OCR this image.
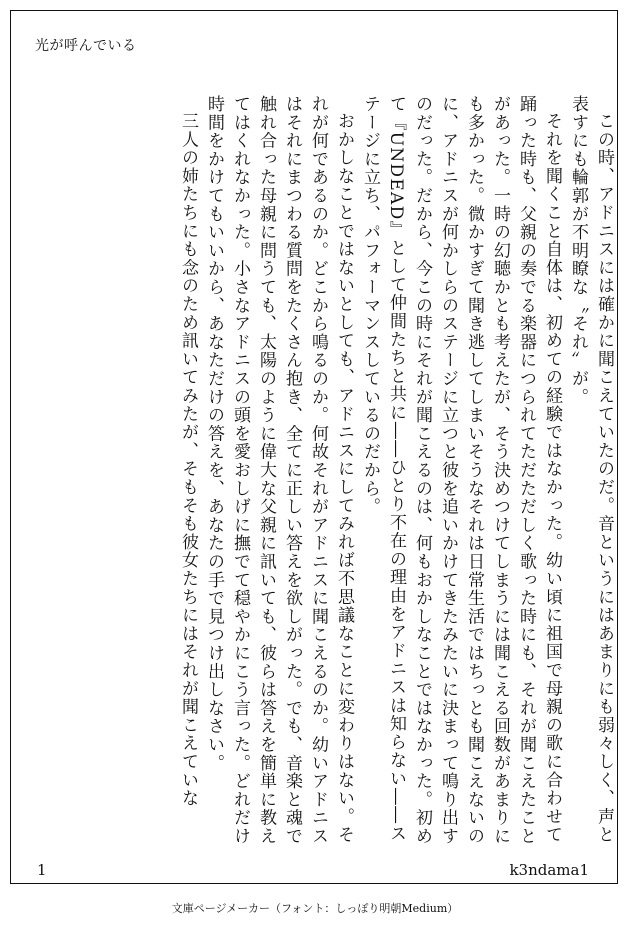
光が呼んでいる

この時、アドニスには確かに聞こえていたのだ。音というにはあまりにも弱々しく、声と表すにも輪郭が不明瞭な〝それ〟が。

それを聞くこと自体は、初めての経験ではなかった。幼い頃に祖国で母親の歌に合わせて踊った時も、父親の奏でる楽器につられてただただしく歌った時にも、それが聞こえたことがあった。一時の幻聴かとも考えたが、そう決めつけてしまうには聞こえる回数があまりにも多かった。微かすぎて聞き逃してしまいそうなそれは日常生活ではちっとも聞こえないのに、アドニスが何かしらのステージに立つと彼を追いかけてきたみたいに決まって鳴り出すのだった。だから、今この時にそれが聞こえるのは、何もおかしなことではなかった。初めて『UNDEAD』として仲間たちと共に――ひとり不在の理由をアドニスは知らない――ステージに立ち、パフォーマンスしているのだから。

おかしなことではないとしても、アドニスにしてみれば不思議なことに変わりはない。それが何であるのか。どこから鳴るのか。何故それがアドニスに聞こえるのか。幼いアドニスはそれにまつわる質問をたくさん抱き、全てに正しい答えを欲しがった。でも、音楽と魂で触れ合った母親に問うても、太陽のように偉大な父親に訊いても、彼らは答えを簡単に教えてはくれなかった。小さなアドニスの頭を愛おしげに撫でて穏やかにこう言った。どれだけ時間をかけてもいいから、あなただけの答えを、あなたの手で見つけ出しなさい。

三人の姉たちにも念のため訊いてみたが、そもそも彼女たちにはそれが聞こえていな

1	k3ndama1
文庫ページメーカー（フォント：しっぽり明朝Medium）
